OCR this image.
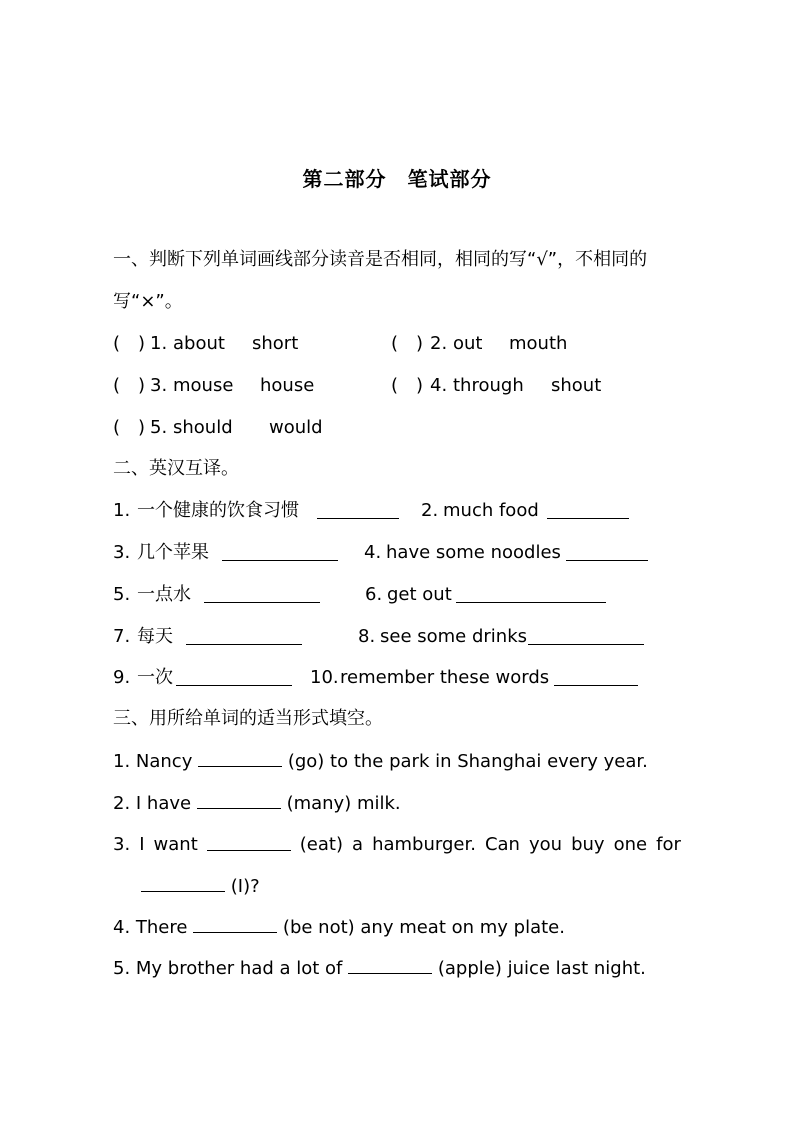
第二部分　笔试部分
一、判断下列单词画线部分读音是否相同，相同的写“√”，不相同的
写“×”。
(　) 1. about short	(　) 2. out mouth
(　) 3. mouse house	(　) 4. through shout
(　) 5. should would
二、英汉互译。
1. 一个健康的饮食习惯	2. much food
3. 几个苹果	4. have some noodles
5. 一点水	6. get out
7. 每天	8. see some drinks
9. 一次	10. remember these words
三、用所给单词的适当形式填空。
1. Nancy	(go) to the park in Shanghai every year.
2. I have	(many) milk.
3. I want	(eat) a hamburger. Can you buy one for
(I)?
4. There	(be not) any meat on my plate.
5. My brother had a lot of	(apple) juice last night.
